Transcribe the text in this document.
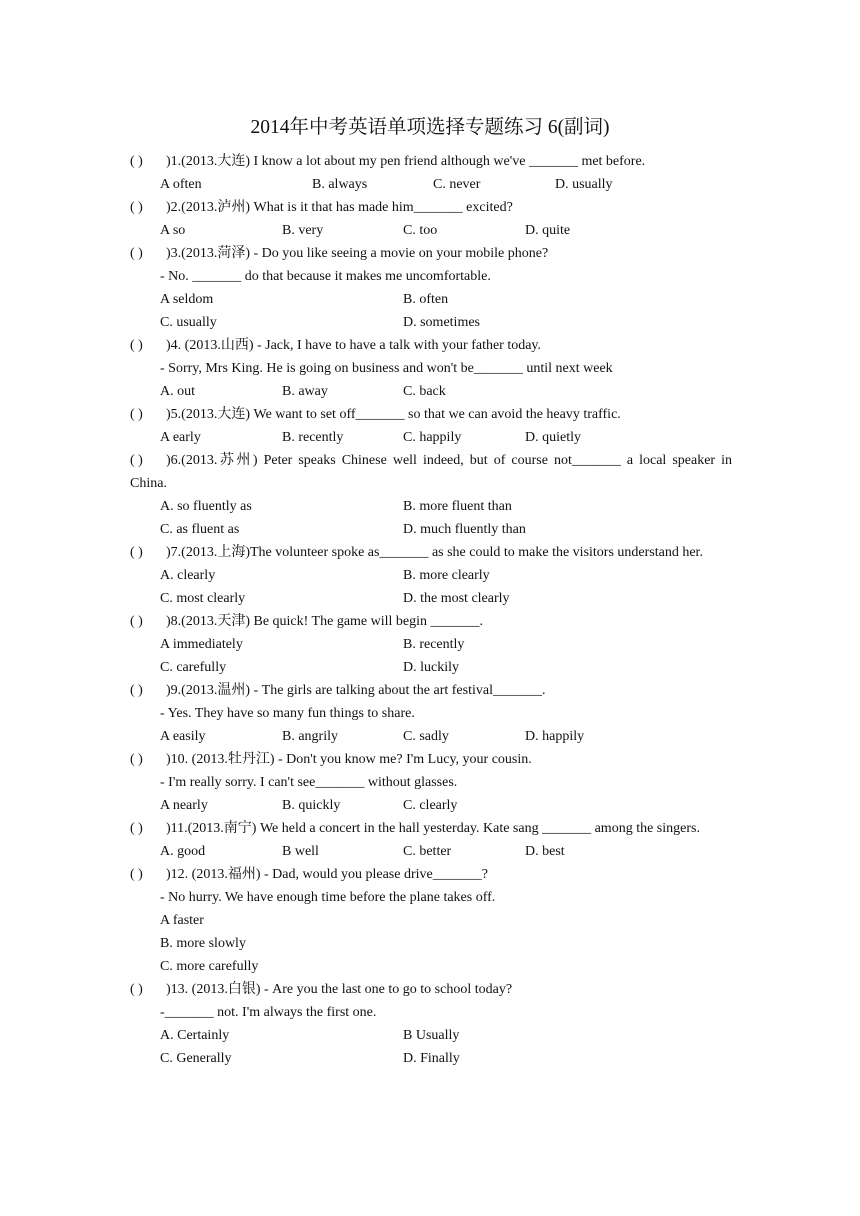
2014年中考英语单项选择专题练习 6(副词)
( ) )1.(2013.大连) I know a lot about my pen friend although we've _______ met before.
A often	B. always	C. never	D. usually
( ) )2.(2013.泸州) What is it that has made him_______ excited?
A so	B. very	C. too	D. quite
( ) )3.(2013.菏泽) - Do you like seeing a movie on your mobile phone?
- No. _______ do that because it makes me uncomfortable.
A seldom	B. often
C. usually	D. sometimes
( ) )4. (2013.山西) - Jack, I have to have a talk with your father today.
- Sorry, Mrs King. He is going on business and won't be_______ until next week
A. out	B. away	C. back
( ) )5.(2013.大连) We want to set off_______ so that we can avoid the heavy traffic.
A early	B. recently	C. happily	D. quietly
( ) )6.(2013.苏州) Peter speaks Chinese well indeed, but of course not_______ a local speaker in China.
A. so fluently as	B. more fluent than
C. as fluent as	D. much fluently than
( ) )7.(2013.上海)The volunteer spoke as_______ as she could to make the visitors understand her.
A. clearly	B. more clearly
C. most clearly	D. the most clearly
( ) )8.(2013.天津) Be quick! The game will begin _______.
A immediately	B. recently
C. carefully	D. luckily
( ) )9.(2013.温州) - The girls are talking about the art festival_______.
- Yes. They have so many fun things to share.
A easily	B. angrily	C. sadly	D. happily
( ) )10. (2013.牡丹江) - Don't you know me? I'm Lucy, your cousin.
- I'm really sorry. I can't see_______ without glasses.
A nearly	B. quickly	C. clearly
( ) )11.(2013.南宁) We held a concert in the hall yesterday. Kate sang _______ among the singers.
A. good	B well	C. better	D. best
( ) )12. (2013.福州) - Dad, would you please drive_______?
- No hurry. We have enough time before the plane takes off.
A faster
B. more slowly
C. more carefully
( ) )13. (2013.白银) - Are you the last one to go to school today?
-_______ not. I'm always the first one.
A. Certainly	B Usually
C. Generally	D. Finally
